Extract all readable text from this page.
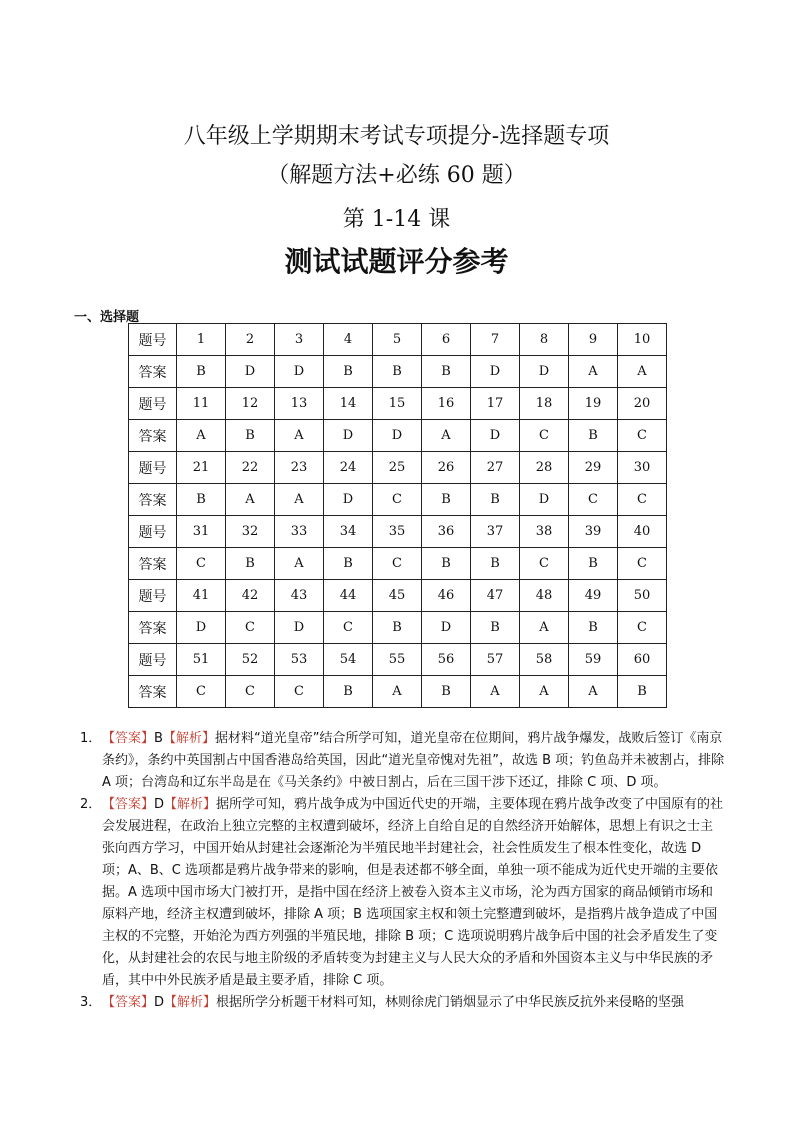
八年级上学期期末考试专项提分-选择题专项
（解题方法+必练 60 题）
第 1-14 课
测试试题评分参考
一、选择题
题号	1	2	3	4	5	6	7	8	9	10
答案	B	D	D	B	B	B	D	D	A	A
题号	11	12	13	14	15	16	17	18	19	20
答案	A	B	A	D	D	A	D	C	B	C
题号	21	22	23	24	25	26	27	28	29	30
答案	B	A	A	D	C	B	B	D	C	C
题号	31	32	33	34	35	36	37	38	39	40
答案	C	B	A	B	C	B	B	C	B	C
题号	41	42	43	44	45	46	47	48	49	50
答案	D	C	D	C	B	D	B	A	B	C
题号	51	52	53	54	55	56	57	58	59	60
答案	C	C	C	B	A	B	A	A	A	B
1． 【答案】B【解析】据材料“道光皇帝”结合所学可知，道光皇帝在位期间，鸦片战争爆发，战败后签订《南京条约》，条约中英国割占中国香港岛给英国，因此“道光皇帝愧对先祖”，故选 B 项；钓鱼岛并未被割占，排除 A 项；台湾岛和辽东半岛是在《马关条约》中被日割占，后在三国干涉下还辽，排除 C 项、D 项。
2． 【答案】D【解析】据所学可知，鸦片战争成为中国近代史的开端，主要体现在鸦片战争改变了中国原有的社会发展进程，在政治上独立完整的主权遭到破坏，经济上自给自足的自然经济开始解体，思想上有识之士主张向西方学习，中国开始从封建社会逐渐沦为半殖民地半封建社会，社会性质发生了根本性变化，故选 D 项；A、B、C 选项都是鸦片战争带来的影响，但是表述都不够全面，单独一项不能成为近代史开端的主要依据。A 选项中国市场大门被打开，是指中国在经济上被卷入资本主义市场，沦为西方国家的商品倾销市场和原料产地，经济主权遭到破坏，排除 A 项；B 选项国家主权和领土完整遭到破坏，是指鸦片战争造成了中国主权的不完整，开始沦为西方列强的半殖民地，排除 B 项；C 选项说明鸦片战争后中国的社会矛盾发生了变化，从封建社会的农民与地主阶级的矛盾转变为封建主义与人民大众的矛盾和外国资本主义与中华民族的矛盾，其中中外民族矛盾是最主要矛盾，排除 C 项。
3． 【答案】D【解析】根据所学分析题干材料可知，林则徐虎门销烟显示了中华民族反抗外来侵略的坚强
